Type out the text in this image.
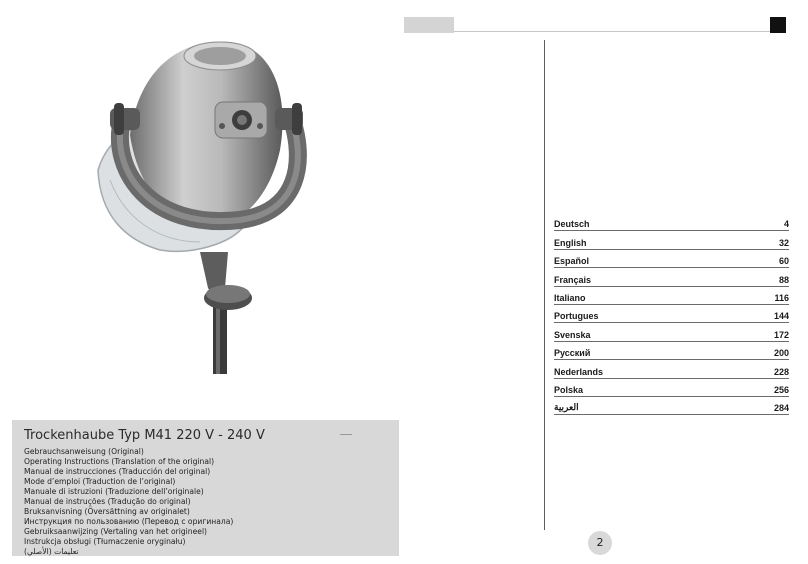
Trockenhaube Typ M41 220 V - 240 V
Gebrauchsanweisung (Original)
Operating Instructions (Translation of the original)
Manual de instrucciones (Traducción del original)
Mode d’emploi (Traduction de l’original)
Manuale di istruzioni (Traduzione dell’originale)
Manual de instruções (Tradução do original)
Bruksanvisning (Översättning av originalet)
Инструкция по пользованию (Перевод с оригинала)
Gebruiksaanwijzing (Vertaling van het origineel)
Instrukcja obsługi (Tłumaczenie oryginału)
تعليمات (الأصلي)
Deutsch	4
English	32
Español	60
Français	88
Italiano	116
Portugues	144
Svenska	172
Русский	200
Nederlands	228
Polska	256
العربية	284
2
